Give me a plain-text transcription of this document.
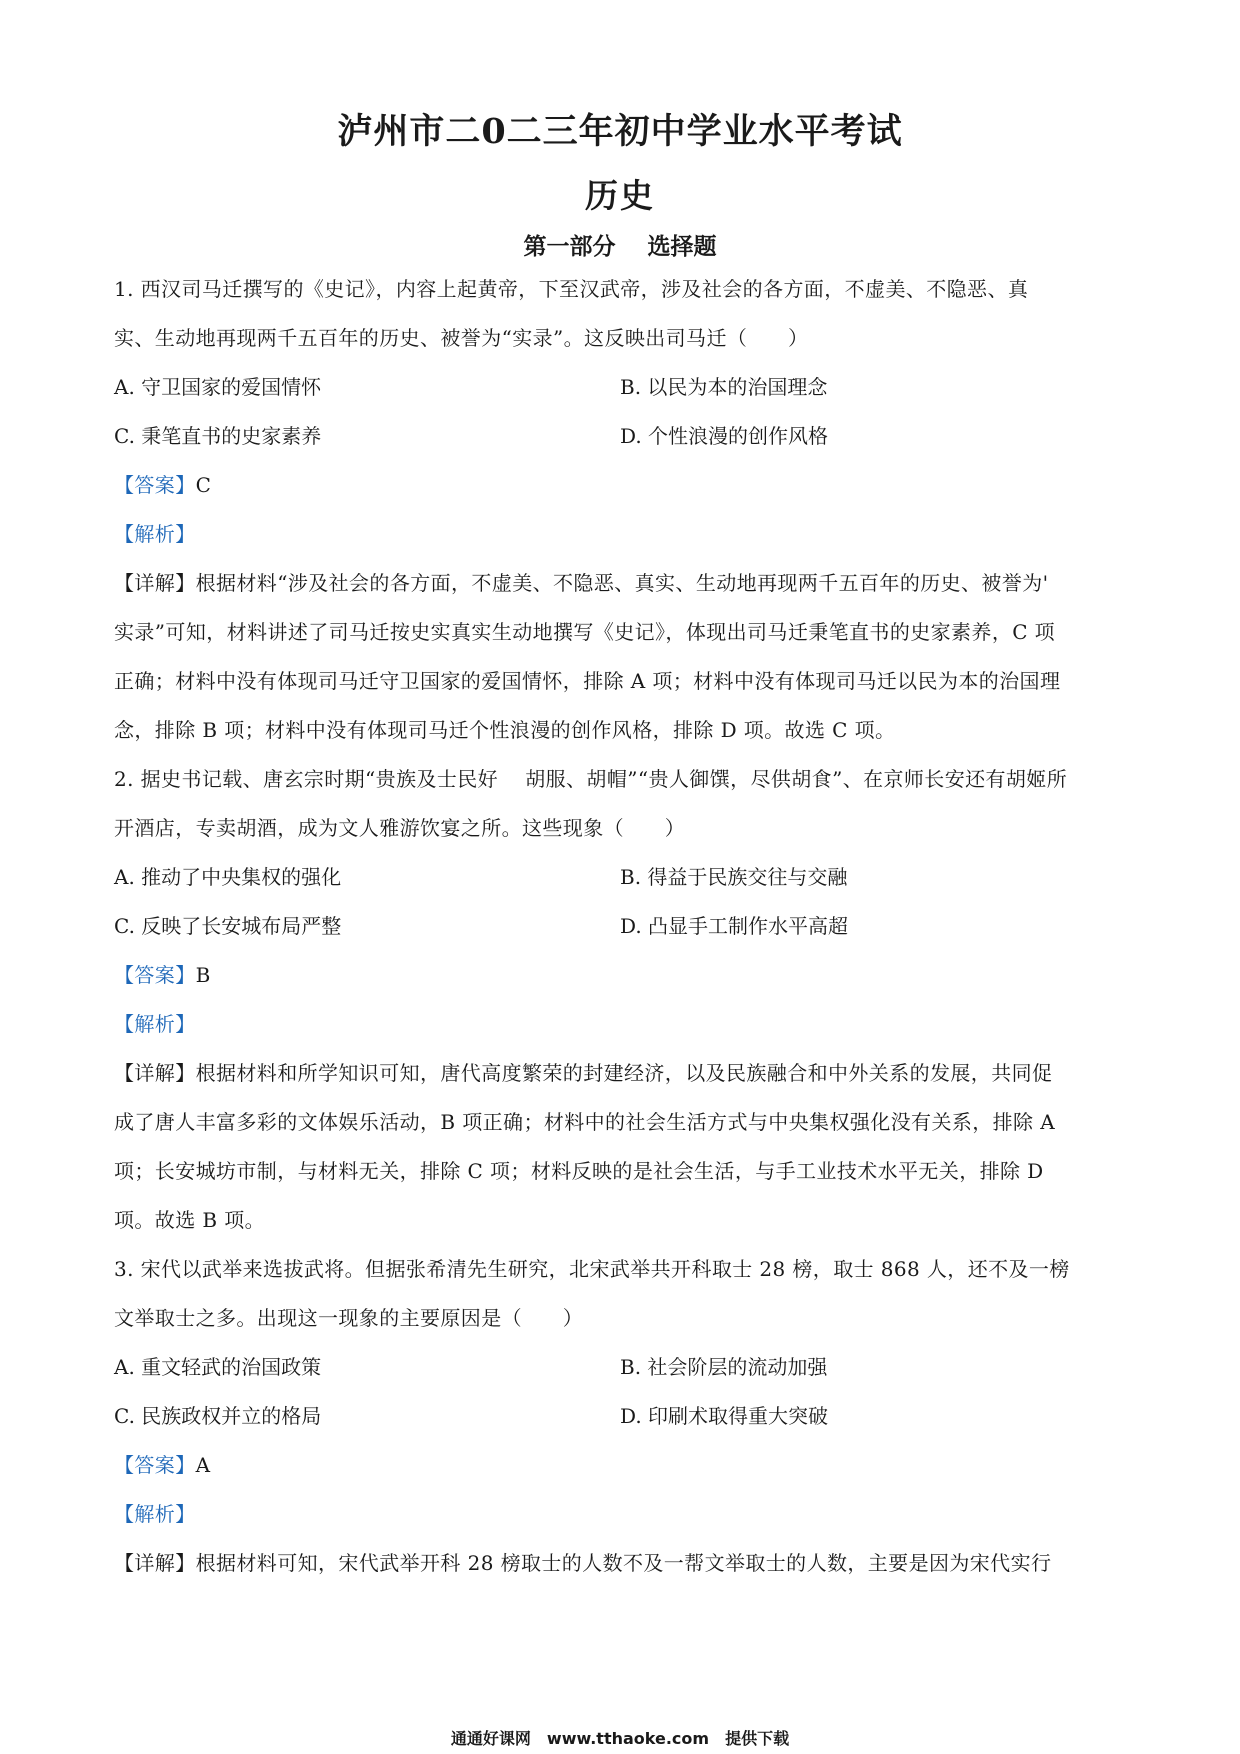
泸州市二0二三年初中学业水平考试
历史
第一部分 选择题
1. 西汉司马迁撰写的《史记》，内容上起黄帝，下至汉武帝，涉及社会的各方面，不虚美、不隐恶、真
实、生动地再现两千五百年的历史、被誉为“实录”。这反映出司马迁（　　）
A. 守卫国家的爱国情怀	B. 以民为本的治国理念
C. 秉笔直书的史家素养	D. 个性浪漫的创作风格
【答案】C
【解析】
【详解】根据材料“涉及社会的各方面，不虚美、不隐恶、真实、生动地再现两千五百年的历史、被誉为'
实录”可知，材料讲述了司马迁按史实真实生动地撰写《史记》，体现出司马迁秉笔直书的史家素养，C 项
正确；材料中没有体现司马迁守卫国家的爱国情怀，排除 A 项；材料中没有体现司马迁以民为本的治国理
念，排除 B 项；材料中没有体现司马迁个性浪漫的创作风格，排除 D 项。故选 C 项。
2. 据史书记载、唐玄宗时期“贵族及士民好　 胡服、胡帽”“贵人御馔，尽供胡食”、在京师长安还有胡姬所
开酒店，专卖胡酒，成为文人雅游饮宴之所。这些现象（　　）
A. 推动了中央集权的强化	B. 得益于民族交往与交融
C. 反映了长安城布局严整	D. 凸显手工制作水平高超
【答案】B
【解析】
【详解】根据材料和所学知识可知，唐代高度繁荣的封建经济，以及民族融合和中外关系的发展，共同促
成了唐人丰富多彩的文体娱乐活动，B 项正确；材料中的社会生活方式与中央集权强化没有关系，排除 A
项；长安城坊市制，与材料无关，排除 C 项；材料反映的是社会生活，与手工业技术水平无关，排除 D
项。故选 B 项。
3. 宋代以武举来选拔武将。但据张希清先生研究，北宋武举共开科取士 28 榜，取士 868 人，还不及一榜
文举取士之多。出现这一现象的主要原因是（　　）
A. 重文轻武的治国政策	B. 社会阶层的流动加强
C. 民族政权并立的格局	D. 印刷术取得重大突破
【答案】A
【解析】
【详解】根据材料可知，宋代武举开科 28 榜取士的人数不及一帮文举取士的人数，主要是因为宋代实行
通通好课网　www.tthaoke.com　提供下载
